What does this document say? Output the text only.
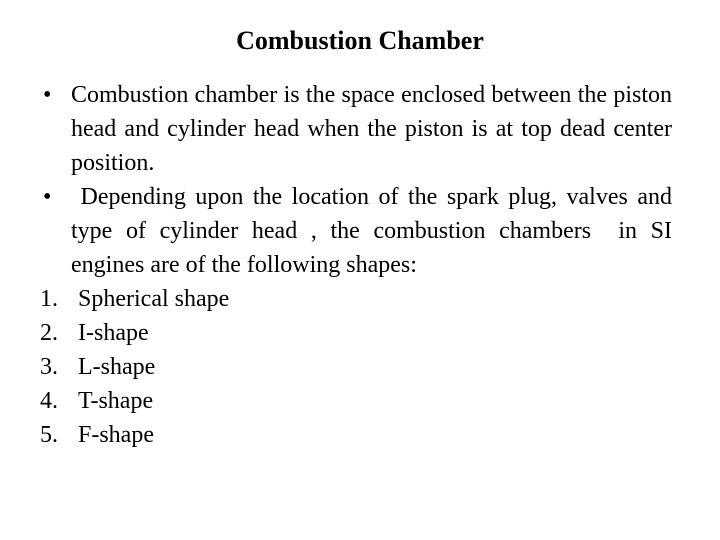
Combustion Chamber
• Combustion chamber is the space enclosed between the piston head and cylinder head when the piston is at top dead center position.
• Depending upon the location of the spark plug, valves and type of cylinder head , the combustion chambers  in SI engines are of the following shapes:
1. Spherical shape
2. I-shape
3. L-shape
4. T-shape
5. F-shape
